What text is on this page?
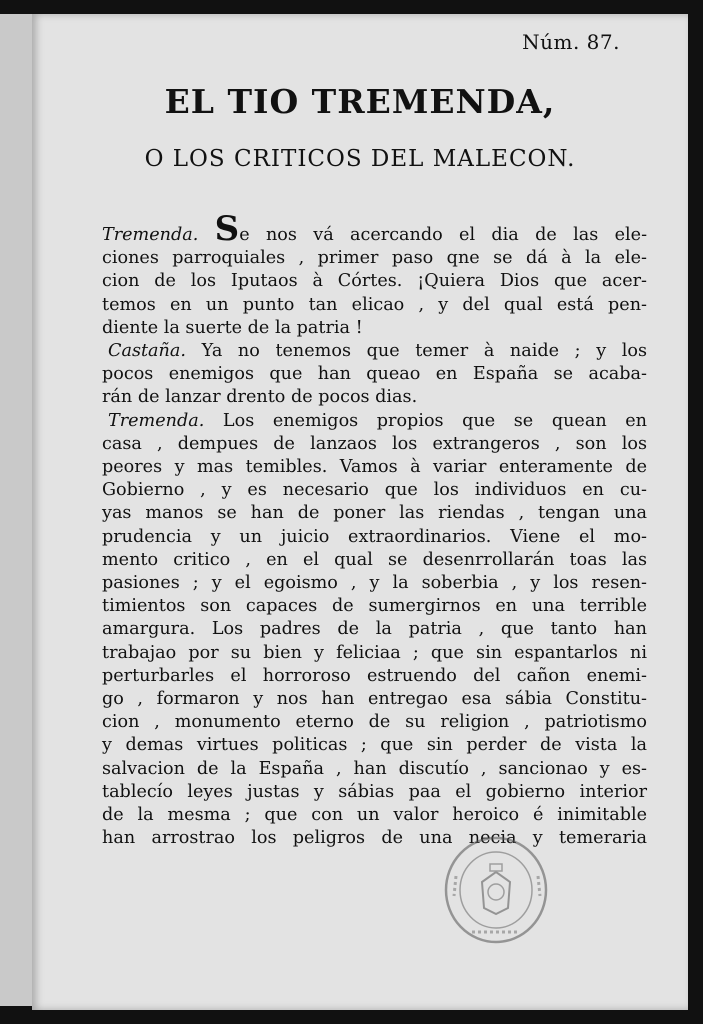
Núm. 87.
EL TIO TREMENDA,
O LOS CRITICOS DEL MALECON.
Tremenda. Se nos vá acercando el dia de las ele-
ciones parroquiales , primer paso qne se dá à la ele-
cion de los Iputaos à Córtes. ¡Quiera Dios que acer-
temos en un punto tan elicao , y del qual está pen-
diente la suerte de la patria !
Castaña. Ya no tenemos que temer à naide ; y los
pocos enemigos que han queao en España se acaba-
rán de lanzar drento de pocos dias.
Tremenda. Los enemigos propios que se quean en
casa , dempues de lanzaos los extrangeros , son los
peores y mas temibles. Vamos à variar enteramente de
Gobierno , y es necesario que los individuos en cu-
yas manos se han de poner las riendas , tengan una
prudencia y un juicio extraordinarios. Viene el mo-
mento critico , en el qual se desenrrollarán toas las
pasiones ; y el egoismo , y la soberbia , y los resen-
timientos son capaces de sumergirnos en una terrible
amargura. Los padres de la patria , que tanto han
trabajao por su bien y feliciaa ; que sin espantarlos ni
perturbarles el horroroso estruendo del cañon enemi-
go , formaron y nos han entregao esa sábia Constitu-
cion , monumento eterno de su religion , patriotismo
y demas virtues politicas ; que sin perder de vista la
salvacion de la España , han discutío , sancionao y es-
tablecío leyes justas y sábias paa el gobierno interior
de la mesma ; que con un valor heroico é inimitable
han arrostrao los peligros de una necia y temeraria
